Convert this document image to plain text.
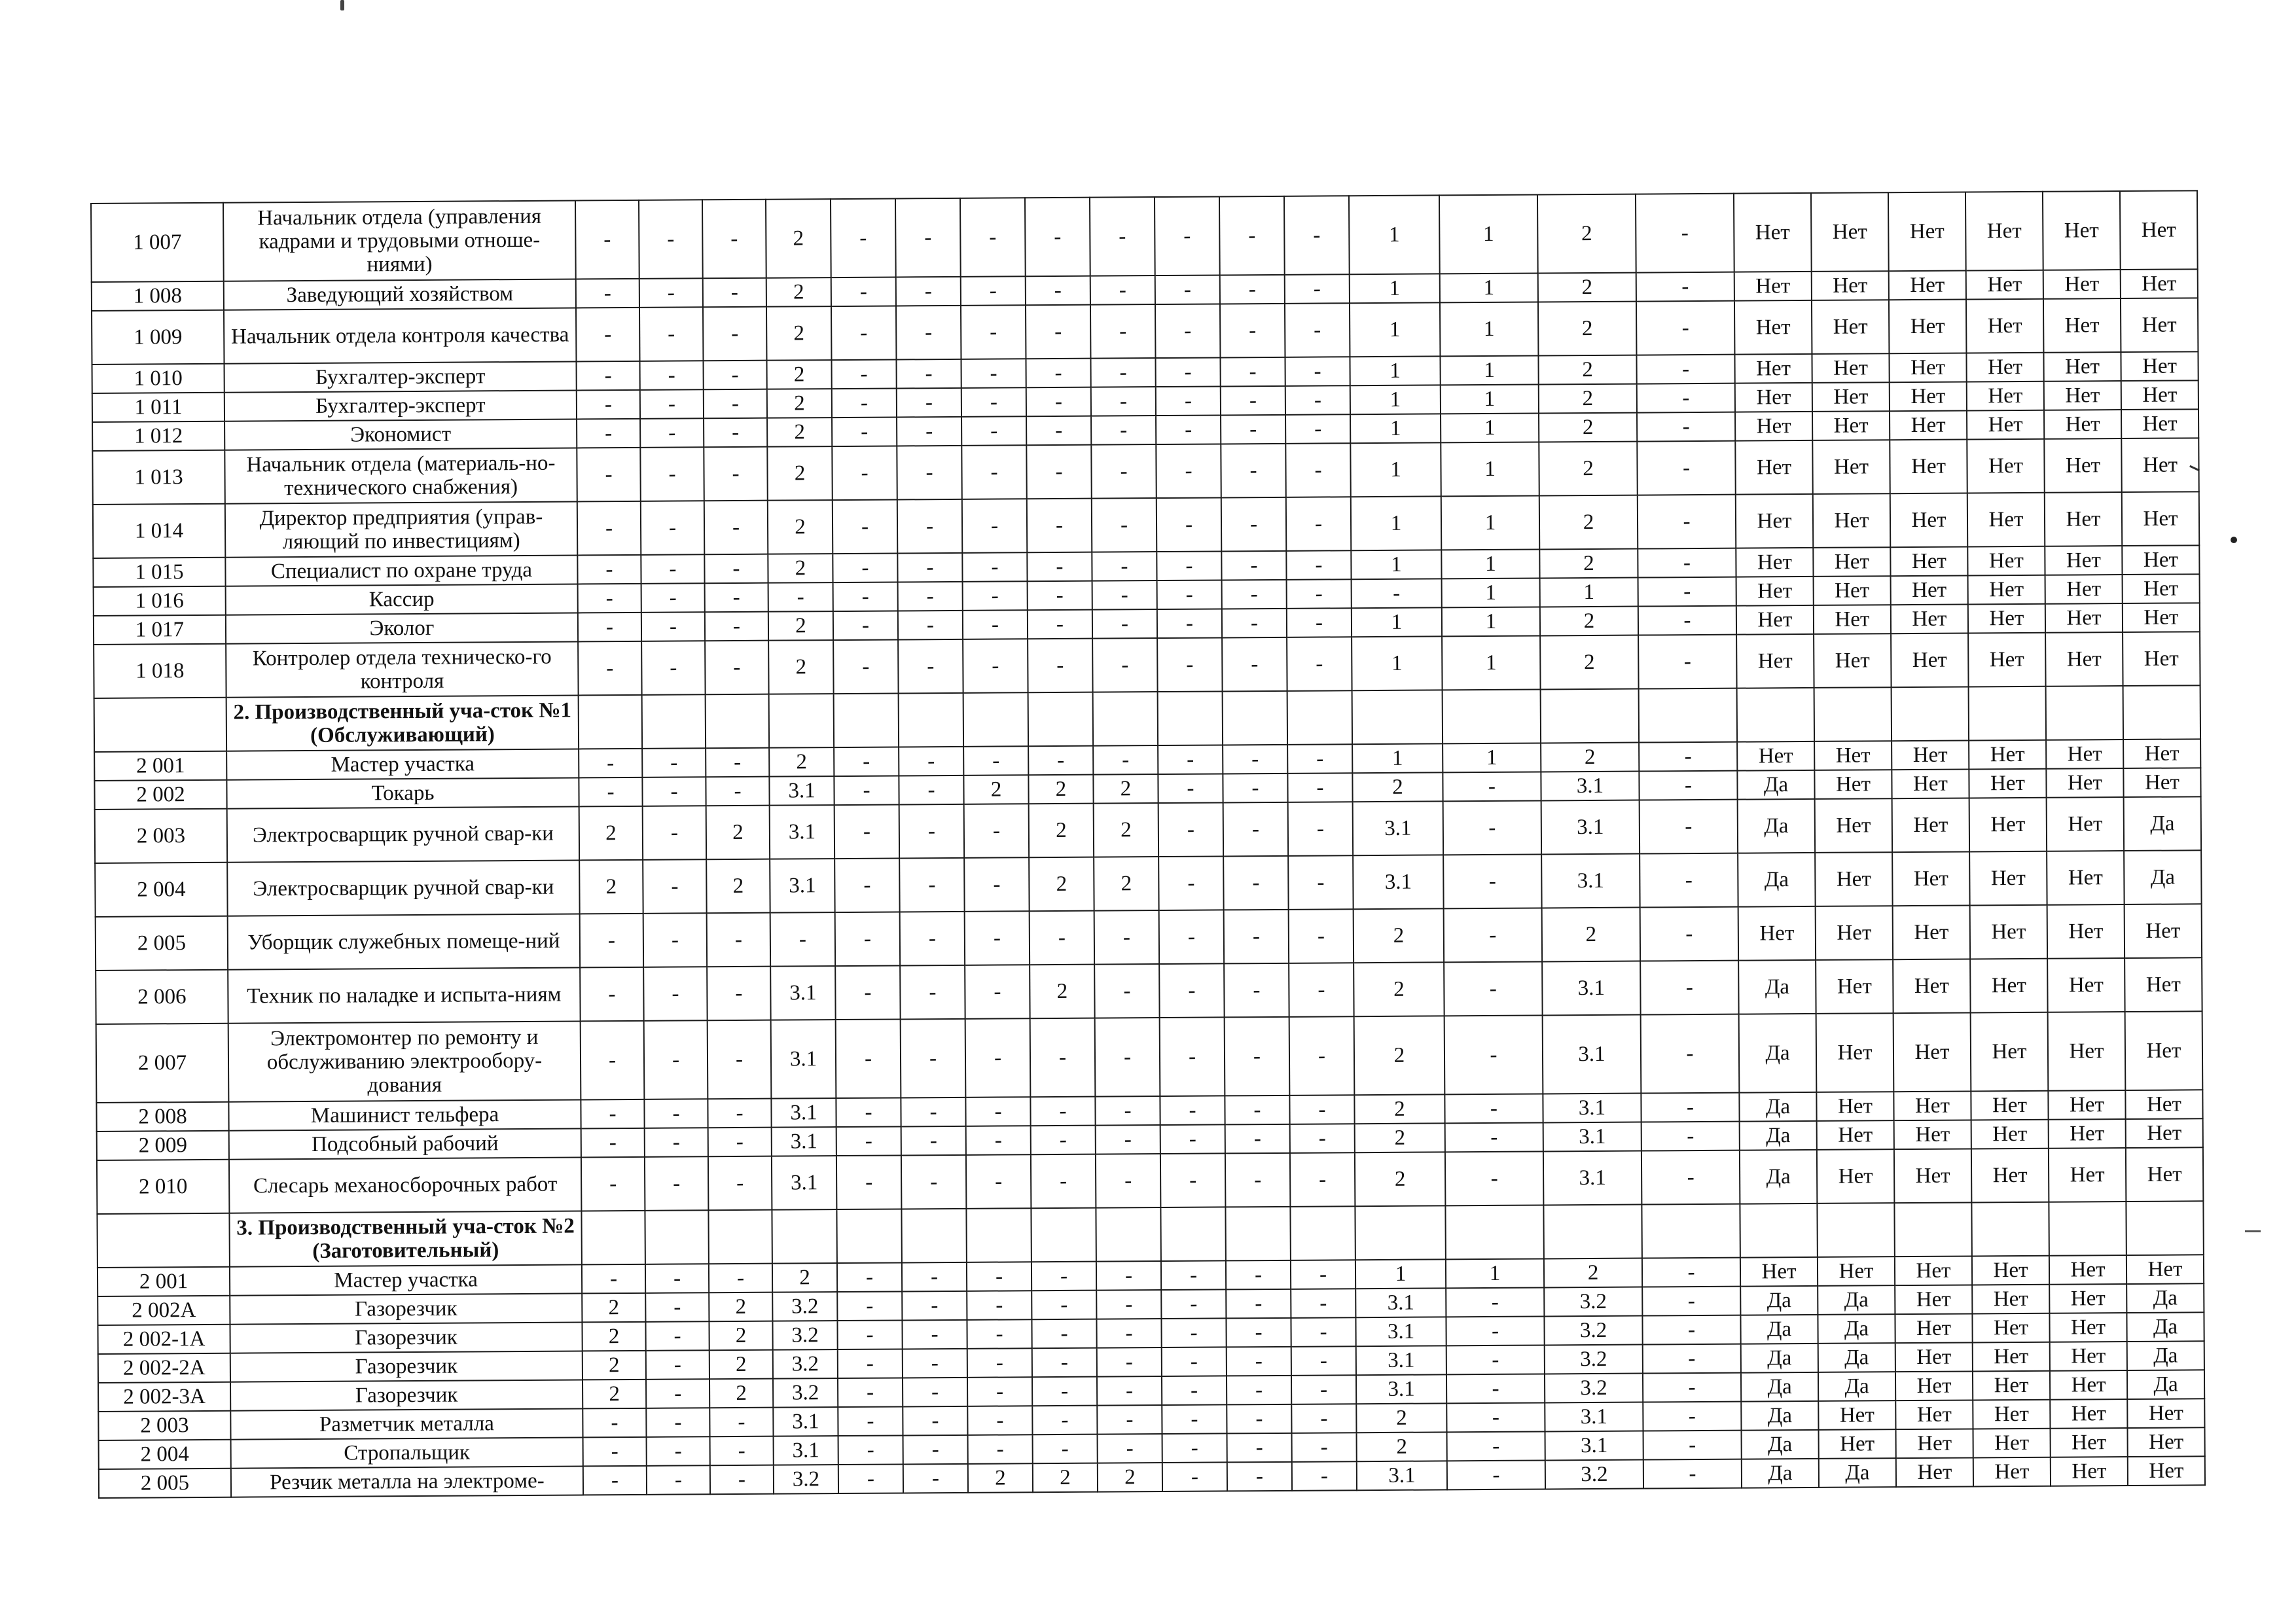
1 007	Начальник отдела (управления кадрами и трудовыми отноше-ниями)	-	-	-	2	-	-	-	-	-	-	-	-	1	1	2	-	Нет	Нет	Нет	Нет	Нет	Нет
1 008	Заведующий хозяйством	-	-	-	2	-	-	-	-	-	-	-	-	1	1	2	-	Нет	Нет	Нет	Нет	Нет	Нет
1 009	Начальник отдела контроля качества	-	-	-	2	-	-	-	-	-	-	-	-	1	1	2	-	Нет	Нет	Нет	Нет	Нет	Нет
1 010	Бухгалтер-эксперт	-	-	-	2	-	-	-	-	-	-	-	-	1	1	2	-	Нет	Нет	Нет	Нет	Нет	Нет
1 011	Бухгалтер-эксперт	-	-	-	2	-	-	-	-	-	-	-	-	1	1	2	-	Нет	Нет	Нет	Нет	Нет	Нет
1 012	Экономист	-	-	-	2	-	-	-	-	-	-	-	-	1	1	2	-	Нет	Нет	Нет	Нет	Нет	Нет
1 013	Начальник отдела (материаль-но-технического снабжения)	-	-	-	2	-	-	-	-	-	-	-	-	1	1	2	-	Нет	Нет	Нет	Нет	Нет	Нет
1 014	Директор предприятия (управ-ляющий по инвестициям)	-	-	-	2	-	-	-	-	-	-	-	-	1	1	2	-	Нет	Нет	Нет	Нет	Нет	Нет
1 015	Специалист по охране труда	-	-	-	2	-	-	-	-	-	-	-	-	1	1	2	-	Нет	Нет	Нет	Нет	Нет	Нет
1 016	Кассир	-	-	-	-	-	-	-	-	-	-	-	-	-	1	1	-	Нет	Нет	Нет	Нет	Нет	Нет
1 017	Эколог	-	-	-	2	-	-	-	-	-	-	-	-	1	1	2	-	Нет	Нет	Нет	Нет	Нет	Нет
1 018	Контролер отдела техническо-го контроля	-	-	-	2	-	-	-	-	-	-	-	-	1	1	2	-	Нет	Нет	Нет	Нет	Нет	Нет
	2. Производственный уча-сток №1 (Обслуживающий)																						
2 001	Мастер участка	-	-	-	2	-	-	-	-	-	-	-	-	1	1	2	-	Нет	Нет	Нет	Нет	Нет	Нет
2 002	Токарь	-	-	-	3.1	-	-	2	2	2	-	-	-	2	-	3.1	-	Да	Нет	Нет	Нет	Нет	Нет
2 003	Электросварщик ручной свар-ки	2	-	2	3.1	-	-	-	2	2	-	-	-	3.1	-	3.1	-	Да	Нет	Нет	Нет	Нет	Да
2 004	Электросварщик ручной свар-ки	2	-	2	3.1	-	-	-	2	2	-	-	-	3.1	-	3.1	-	Да	Нет	Нет	Нет	Нет	Да
2 005	Уборщик служебных помеще-ний	-	-	-	-	-	-	-	-	-	-	-	-	2	-	2	-	Нет	Нет	Нет	Нет	Нет	Нет
2 006	Техник по наладке и испыта-ниям	-	-	-	3.1	-	-	-	2	-	-	-	-	2	-	3.1	-	Да	Нет	Нет	Нет	Нет	Нет
2 007	Электромонтер по ремонту и обслуживанию электрообору-дования	-	-	-	3.1	-	-	-	-	-	-	-	-	2	-	3.1	-	Да	Нет	Нет	Нет	Нет	Нет
2 008	Машинист тельфера	-	-	-	3.1	-	-	-	-	-	-	-	-	2	-	3.1	-	Да	Нет	Нет	Нет	Нет	Нет
2 009	Подсобный рабочий	-	-	-	3.1	-	-	-	-	-	-	-	-	2	-	3.1	-	Да	Нет	Нет	Нет	Нет	Нет
2 010	Слесарь механосборочных работ	-	-	-	3.1	-	-	-	-	-	-	-	-	2	-	3.1	-	Да	Нет	Нет	Нет	Нет	Нет
	3. Производственный уча-сток №2 (Заготовительный)																						
2 001	Мастер участка	-	-	-	2	-	-	-	-	-	-	-	-	1	1	2	-	Нет	Нет	Нет	Нет	Нет	Нет
2 002А	Газорезчик	2	-	2	3.2	-	-	-	-	-	-	-	-	3.1	-	3.2	-	Да	Да	Нет	Нет	Нет	Да
2 002-1А	Газорезчик	2	-	2	3.2	-	-	-	-	-	-	-	-	3.1	-	3.2	-	Да	Да	Нет	Нет	Нет	Да
2 002-2А	Газорезчик	2	-	2	3.2	-	-	-	-	-	-	-	-	3.1	-	3.2	-	Да	Да	Нет	Нет	Нет	Да
2 002-3А	Газорезчик	2	-	2	3.2	-	-	-	-	-	-	-	-	3.1	-	3.2	-	Да	Да	Нет	Нет	Нет	Да
2 003	Разметчик металла	-	-	-	3.1	-	-	-	-	-	-	-	-	2	-	3.1	-	Да	Нет	Нет	Нет	Нет	Нет
2 004	Стропальщик	-	-	-	3.1	-	-	-	-	-	-	-	-	2	-	3.1	-	Да	Нет	Нет	Нет	Нет	Нет
2 005	Резчик металла на электроме-	-	-	-	3.2	-	-	2	2	2	-	-	-	3.1	-	3.2	-	Да	Да	Нет	Нет	Нет	Нет
